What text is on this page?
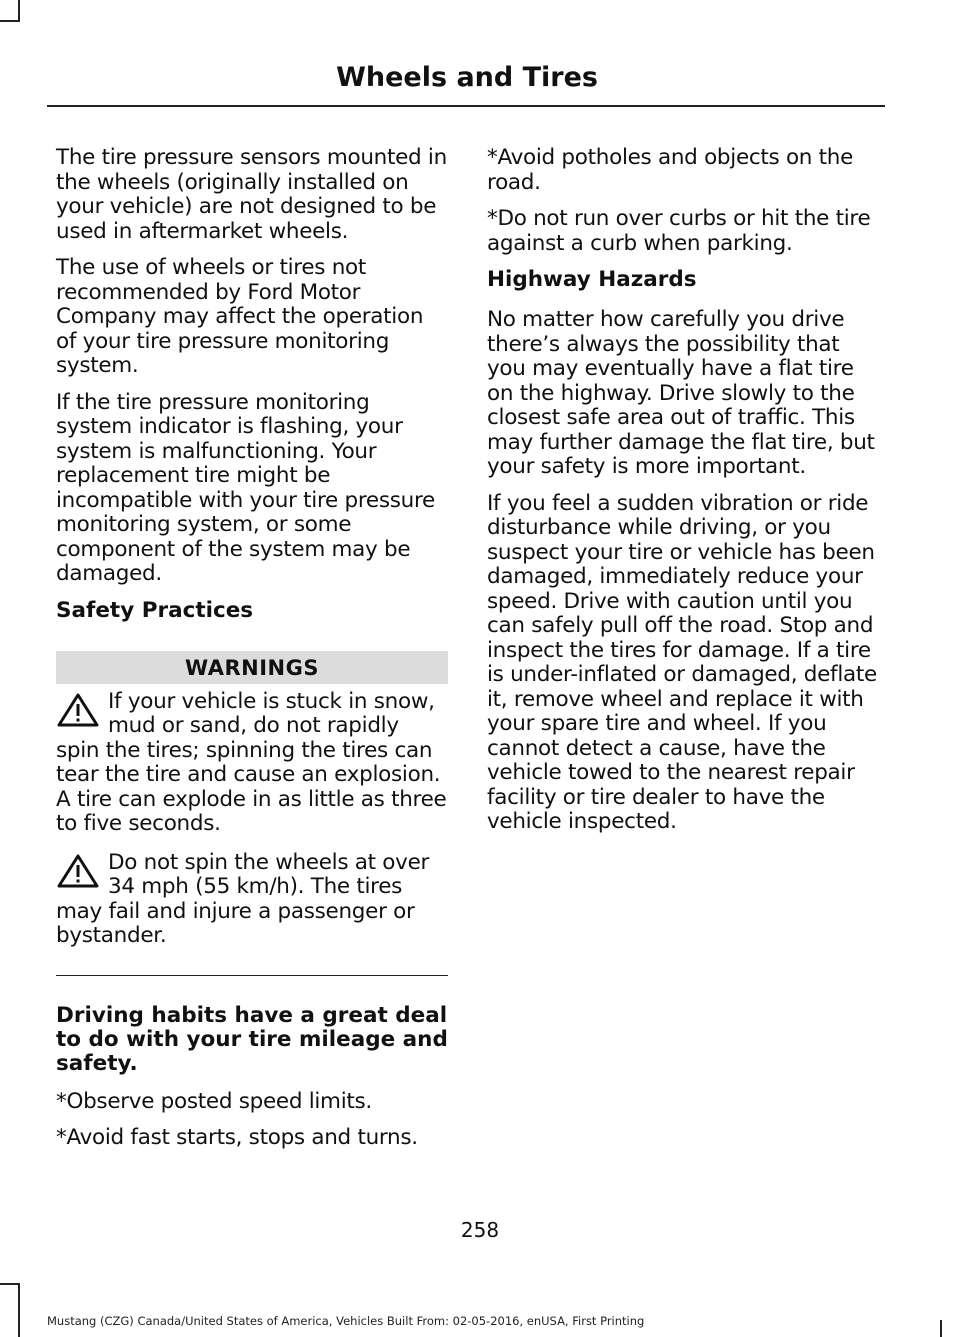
Wheels and Tires

The tire pressure sensors mounted in the wheels (originally installed on your vehicle) are not designed to be used in aftermarket wheels.

The use of wheels or tires not recommended by Ford Motor Company may affect the operation of your tire pressure monitoring system.

If the tire pressure monitoring system indicator is flashing, your system is malfunctioning. Your replacement tire might be incompatible with your tire pressure monitoring system, or some component of the system may be damaged.

Safety Practices
WARNINGS

If your vehicle is stuck in snow, mud or sand, do not rapidly spin the tires; spinning the tires can tear the tire and cause an explosion. A tire can explode in as little as three to five seconds.

Do not spin the wheels at over 34 mph (55 km/h). The tires may fail and injure a passenger or bystander.

Driving habits have a great deal to do with your tire mileage and safety.

*Observe posted speed limits.

*Avoid fast starts, stops and turns.

*Avoid potholes and objects on the road.

*Do not run over curbs or hit the tire against a curb when parking.

Highway Hazards

No matter how carefully you drive there’s always the possibility that you may eventually have a flat tire on the highway. Drive slowly to the closest safe area out of traffic. This may further damage the flat tire, but your safety is more important.

If you feel a sudden vibration or ride disturbance while driving, or you suspect your tire or vehicle has been damaged, immediately reduce your speed. Drive with caution until you can safely pull off the road. Stop and inspect the tires for damage. If a tire is under-inflated or damaged, deflate it, remove wheel and replace it with your spare tire and wheel. If you cannot detect a cause, have the vehicle towed to the nearest repair facility or tire dealer to have the vehicle inspected.

258
Mustang (CZG) Canada/United States of America, Vehicles Built From: 02-05-2016, enUSA, First Printing
